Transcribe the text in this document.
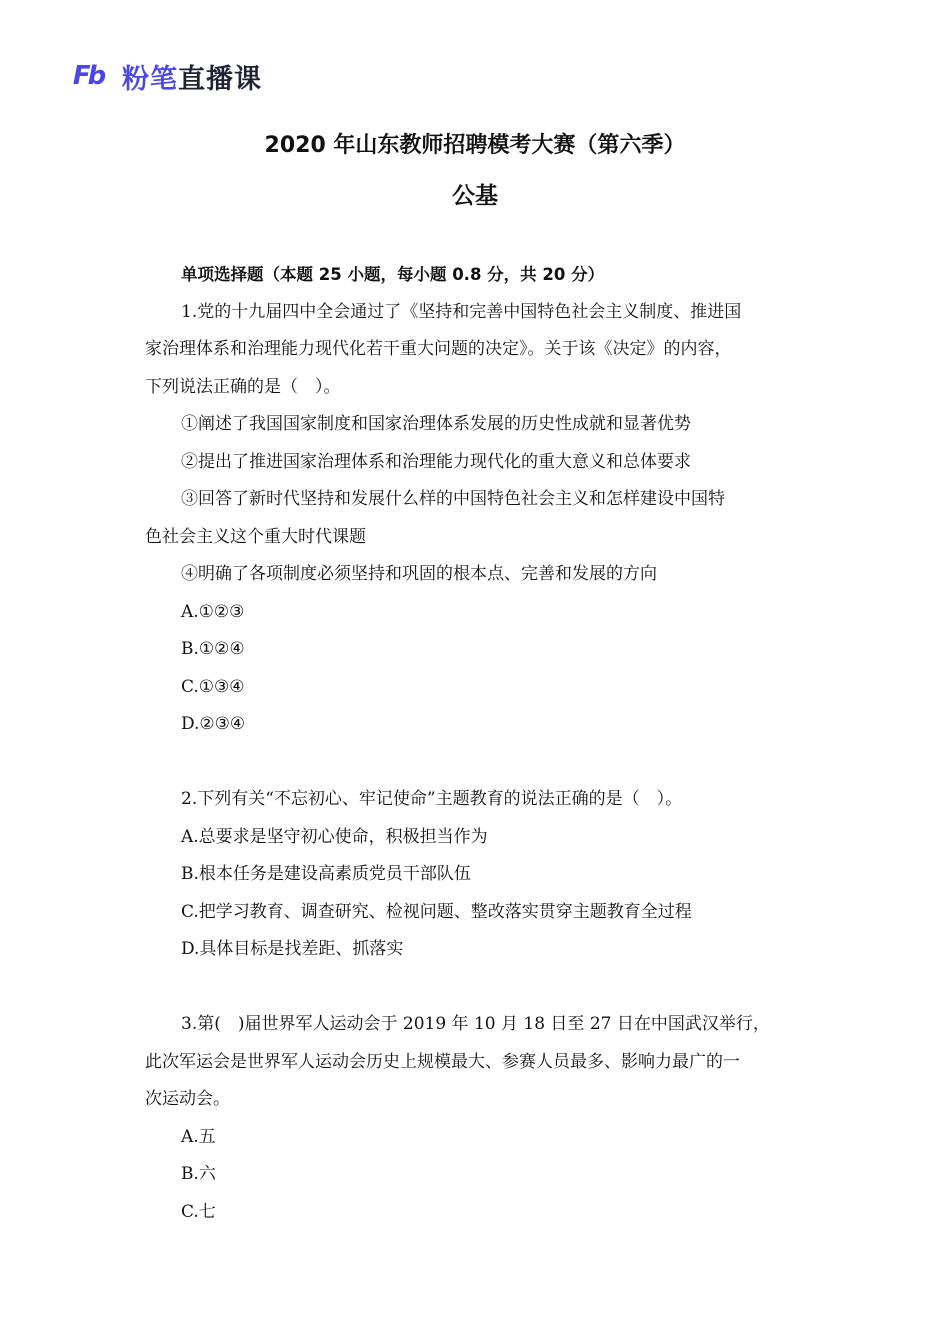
Fb 粉笔直播课
2020 年山东教师招聘模考大赛（第六季）
公基
单项选择题（本题 25 小题，每小题 0.8 分，共 20 分）
1.党的十九届四中全会通过了《坚持和完善中国特色社会主义制度、推进国
家治理体系和治理能力现代化若干重大问题的决定》。关于该《决定》的内容，
下列说法正确的是（　）。
①阐述了我国国家制度和国家治理体系发展的历史性成就和显著优势
②提出了推进国家治理体系和治理能力现代化的重大意义和总体要求
③回答了新时代坚持和发展什么样的中国特色社会主义和怎样建设中国特
色社会主义这个重大时代课题
④明确了各项制度必须坚持和巩固的根本点、完善和发展的方向
A.①②③
B.①②④
C.①③④
D.②③④
2.下列有关“不忘初心、牢记使命”主题教育的说法正确的是（　）。
A.总要求是坚守初心使命，积极担当作为
B.根本任务是建设高素质党员干部队伍
C.把学习教育、调查研究、检视问题、整改落实贯穿主题教育全过程
D.具体目标是找差距、抓落实
3.第(　)届世界军人运动会于 2019 年 10 月 18 日至 27 日在中国武汉举行，
此次军运会是世界军人运动会历史上规模最大、参赛人员最多、影响力最广的一
次运动会。
A.五
B.六
C.七
